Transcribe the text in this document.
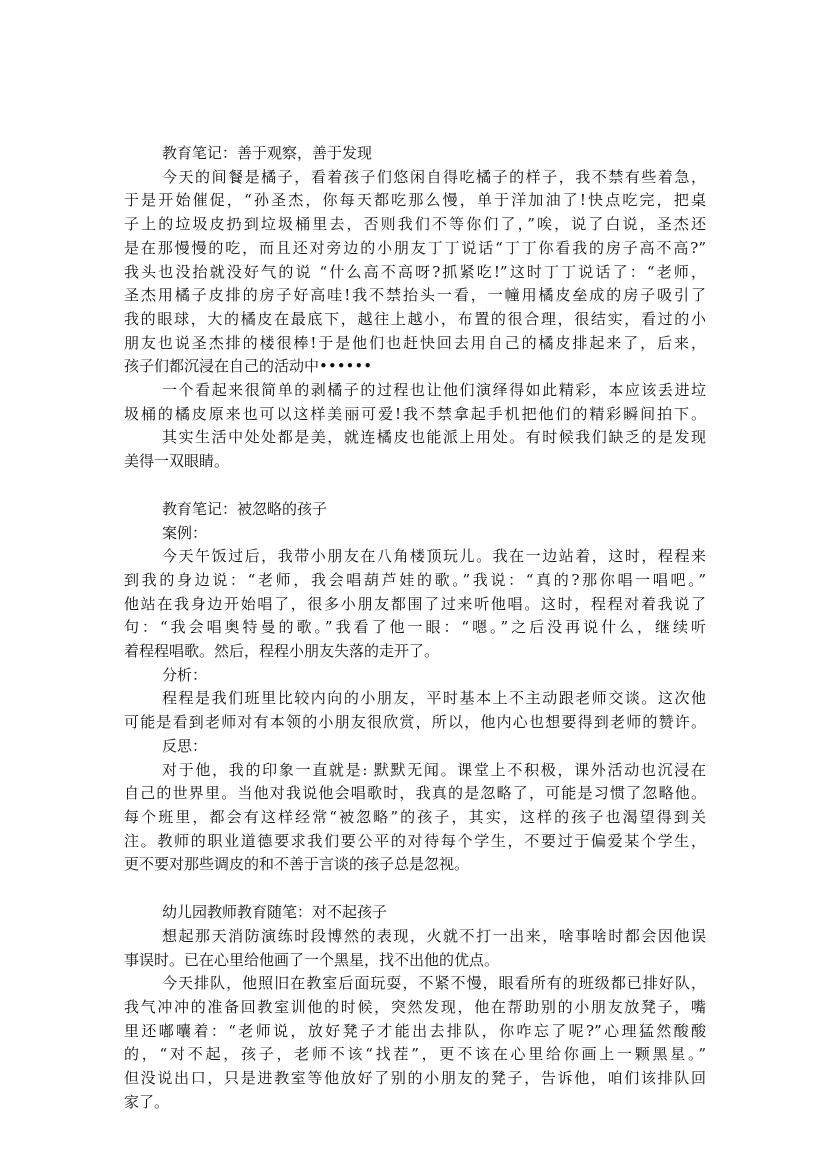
教育笔记：善于观察，善于发现

今天的间餐是橘子，看着孩子们悠闲自得吃橘子的样子，我不禁有些着急，

于是开始催促，“孙圣杰，你每天都吃那么慢，单于洋加油了!快点吃完，把桌

子上的垃圾皮扔到垃圾桶里去，否则我们不等你们了，”唉，说了白说，圣杰还

是在那慢慢的吃，而且还对旁边的小朋友丁丁说话“丁丁你看我的房子高不高?”

我头也没抬就没好气的说 “什么高不高呀?抓紧吃!”这时丁丁说话了：“老师，

圣杰用橘子皮排的房子好高哇!我不禁抬头一看，一幢用橘皮垒成的房子吸引了

我的眼球，大的橘皮在最底下，越往上越小，布置的很合理，很结实，看过的小

朋友也说圣杰排的楼很棒!于是他们也赶快回去用自己的橘皮排起来了，后来，

孩子们都沉浸在自己的活动中••••••

一个看起来很简单的剥橘子的过程也让他们演绎得如此精彩，本应该丢进垃

圾桶的橘皮原来也可以这样美丽可爱!我不禁拿起手机把他们的精彩瞬间拍下。

其实生活中处处都是美，就连橘皮也能派上用处。有时候我们缺乏的是发现

美得一双眼睛。

教育笔记：被忽略的孩子

案例：

今天午饭过后，我带小朋友在八角楼顶玩儿。我在一边站着，这时，程程来

到我的身边说：“老师，我会唱葫芦娃的歌。”我说：“真的?那你唱一唱吧。”

他站在我身边开始唱了，很多小朋友都围了过来听他唱。这时，程程对着我说了

句：“我会唱奥特曼的歌。”我看了他一眼：“嗯。”之后没再说什么，继续听

着程程唱歌。然后，程程小朋友失落的走开了。

分析：

程程是我们班里比较内向的小朋友，平时基本上不主动跟老师交谈。这次他

可能是看到老师对有本领的小朋友很欣赏，所以，他内心也想要得到老师的赞许。

反思：

对于他，我的印象一直就是: 默默无闻。课堂上不积极，课外活动也沉浸在

自己的世界里。当他对我说他会唱歌时，我真的是忽略了，可能是习惯了忽略他。

每个班里，都会有这样经常“被忽略”的孩子，其实，这样的孩子也渴望得到关

注。教师的职业道德要求我们要公平的对待每个学生，不要过于偏爱某个学生，

更不要对那些调皮的和不善于言谈的孩子总是忽视。

幼儿园教师教育随笔：对不起孩子

想起那天消防演练时段博然的表现，火就不打一出来，啥事啥时都会因他误

事误时。已在心里给他画了一个黑星，找不出他的优点。

今天排队，他照旧在教室后面玩耍，不紧不慢，眼看所有的班级都已排好队，

我气冲冲的准备回教室训他的时候，突然发现，他在帮助别的小朋友放凳子，嘴

里还嘟囔着：“老师说，放好凳子才能出去排队，你咋忘了呢?”心理猛然酸酸

的，“对不起，孩子，老师不该“找茬”，更不该在心里给你画上一颗黑星。”

但没说出口，只是进教室等他放好了别的小朋友的凳子，告诉他，咱们该排队回

家了。
